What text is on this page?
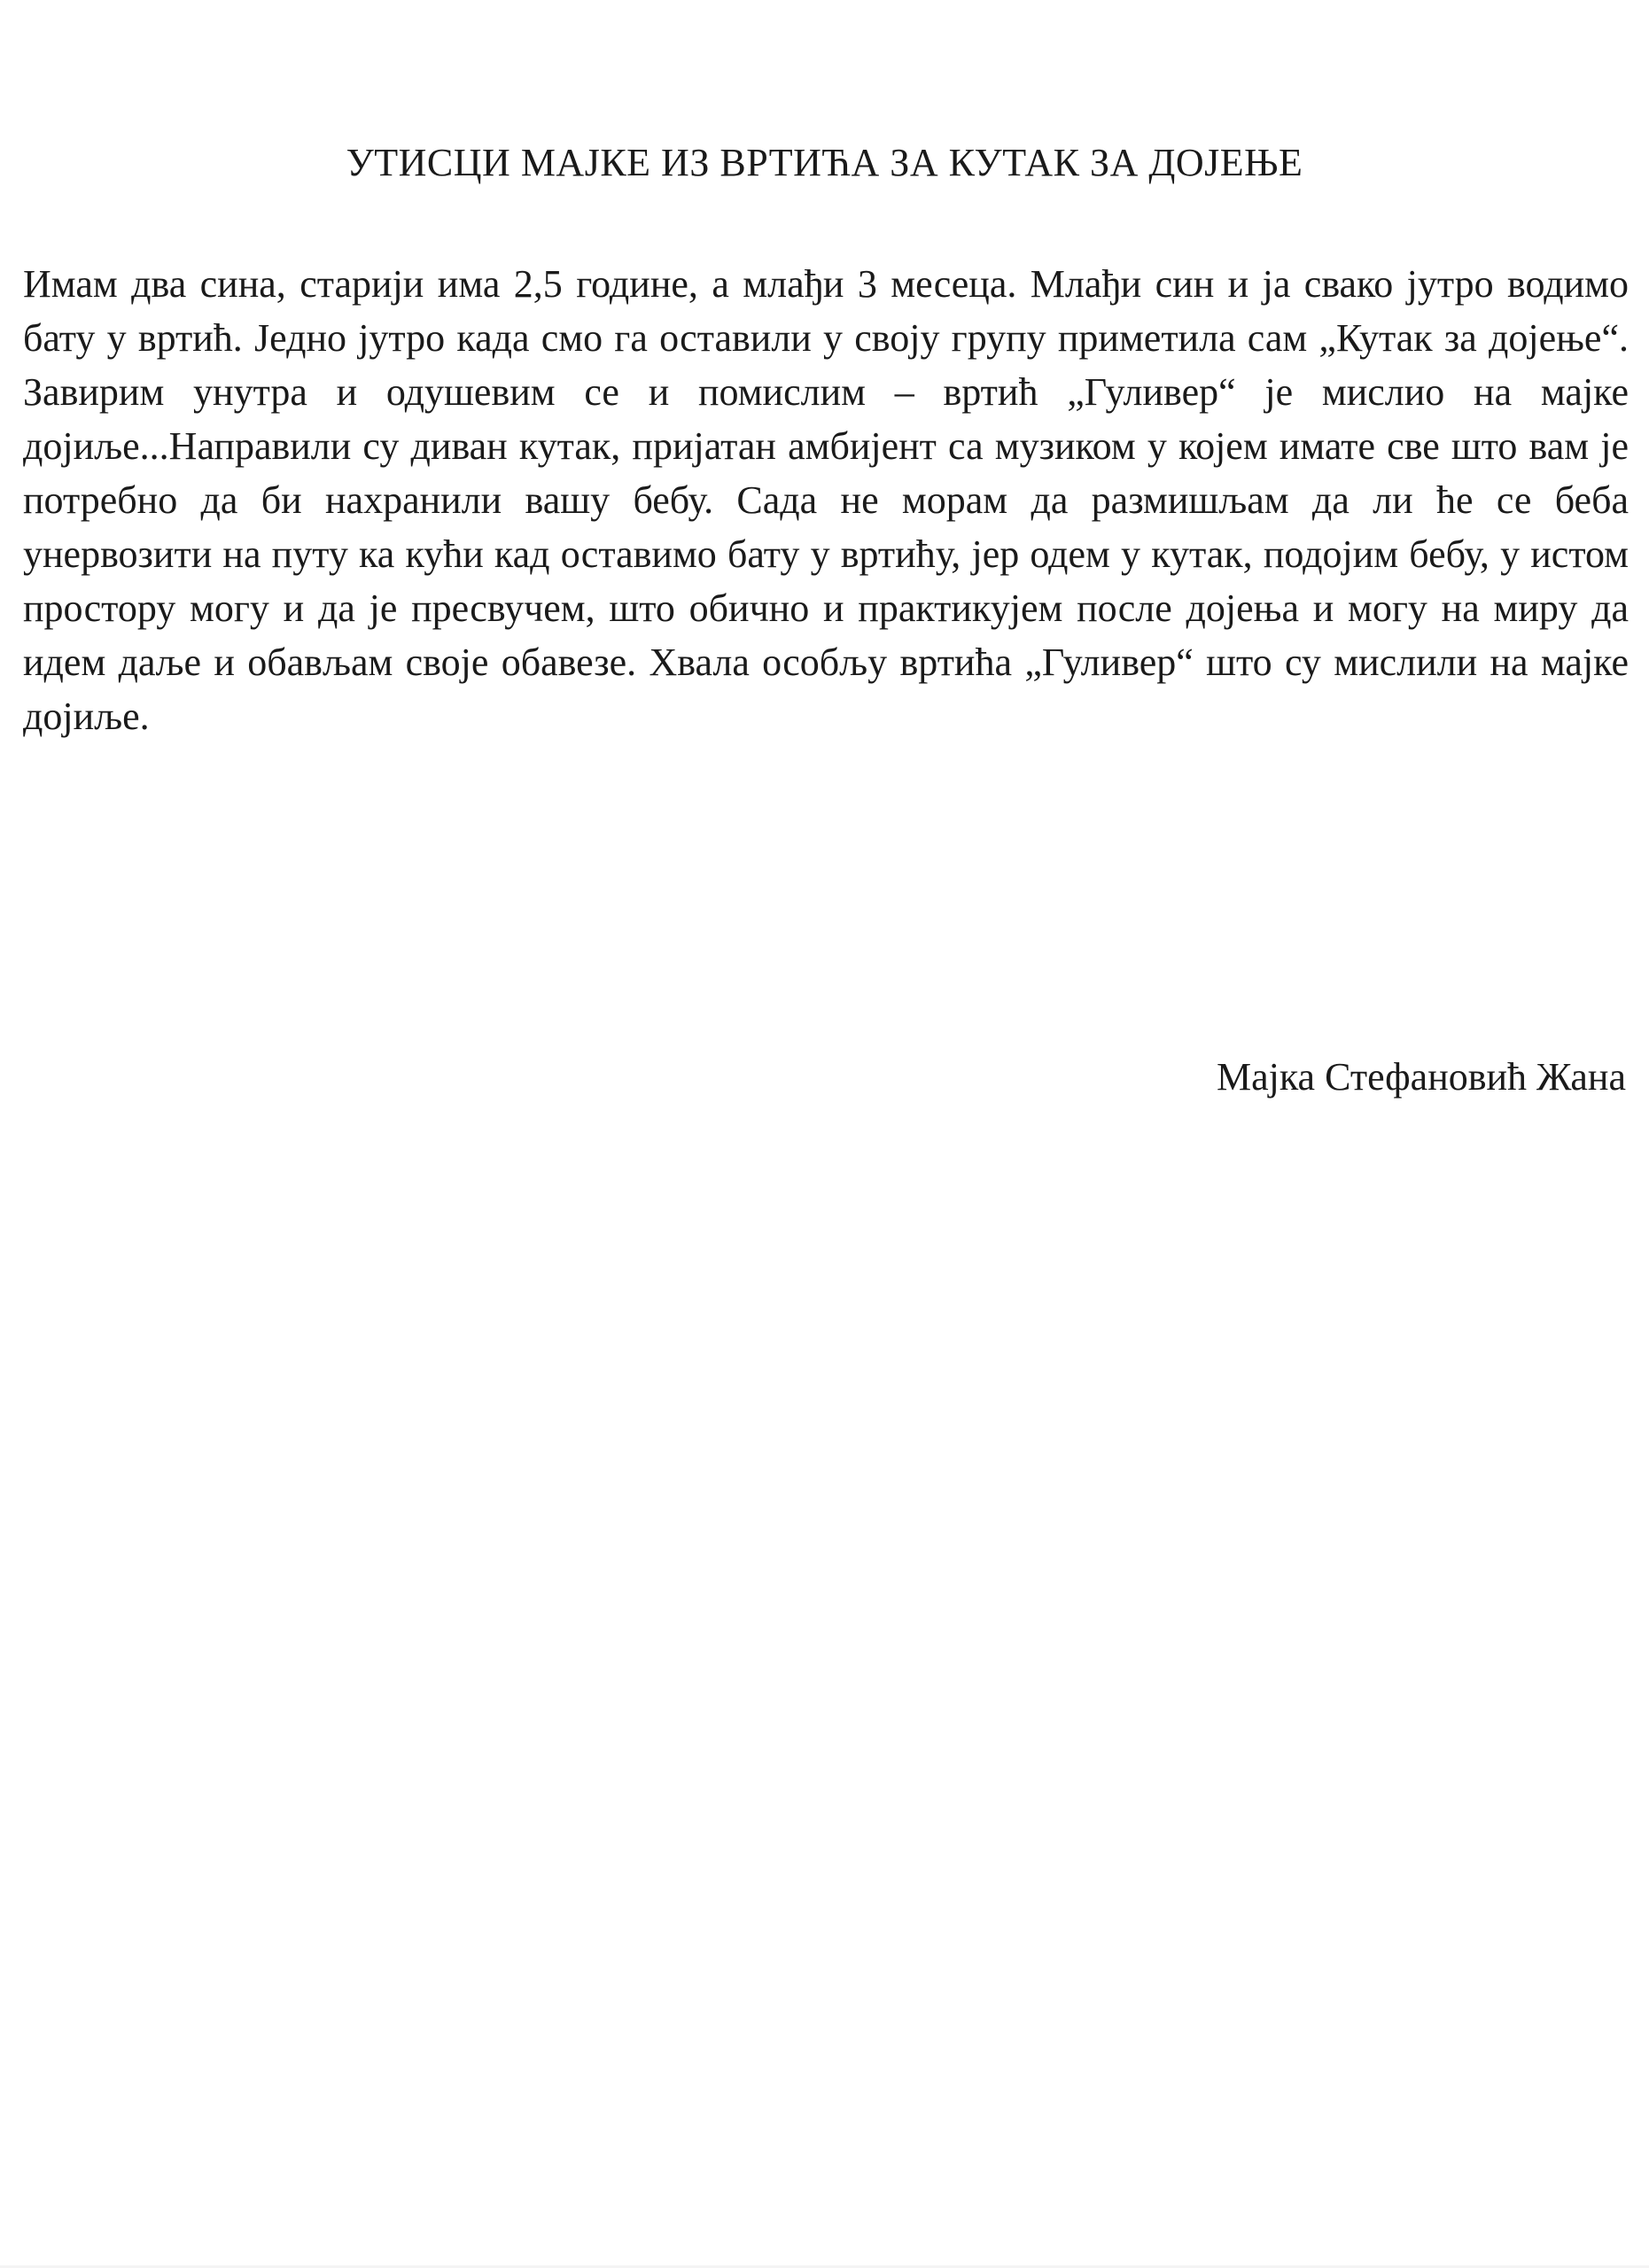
УТИСЦИ МАЈКЕ ИЗ ВРТИЋА ЗА КУТАК ЗА ДОЈЕЊЕ
Имам два сина, старији има 2,5 године, а млађи 3 месеца. Млађи син и ја свако јутро водимо бату у вртић. Једно јутро када смо га оставили у своју групу приметила сам „Кутак за дојење“. Завирим унутра и одушевим се и помислим – вртић „Гуливер“ је мислио на мајке дојиље...Направили су диван кутак, пријатан амбијент са музиком у којем имате све што вам је потребно да би нахранили вашу бебу. Сада не морам да размишљам да ли ће се беба унервозити на путу ка кући кад оставимо бату у вртићу, јер одем у кутак, подојим бебу, у истом простору могу и да је пресвучем, што обично и практикујем после дојења и могу на миру да идем даље и обављам своје обавезе. Хвала особљу вртића „Гуливер“ што су мислили на мајке дојиље.
Мајка Стефановић Жана
